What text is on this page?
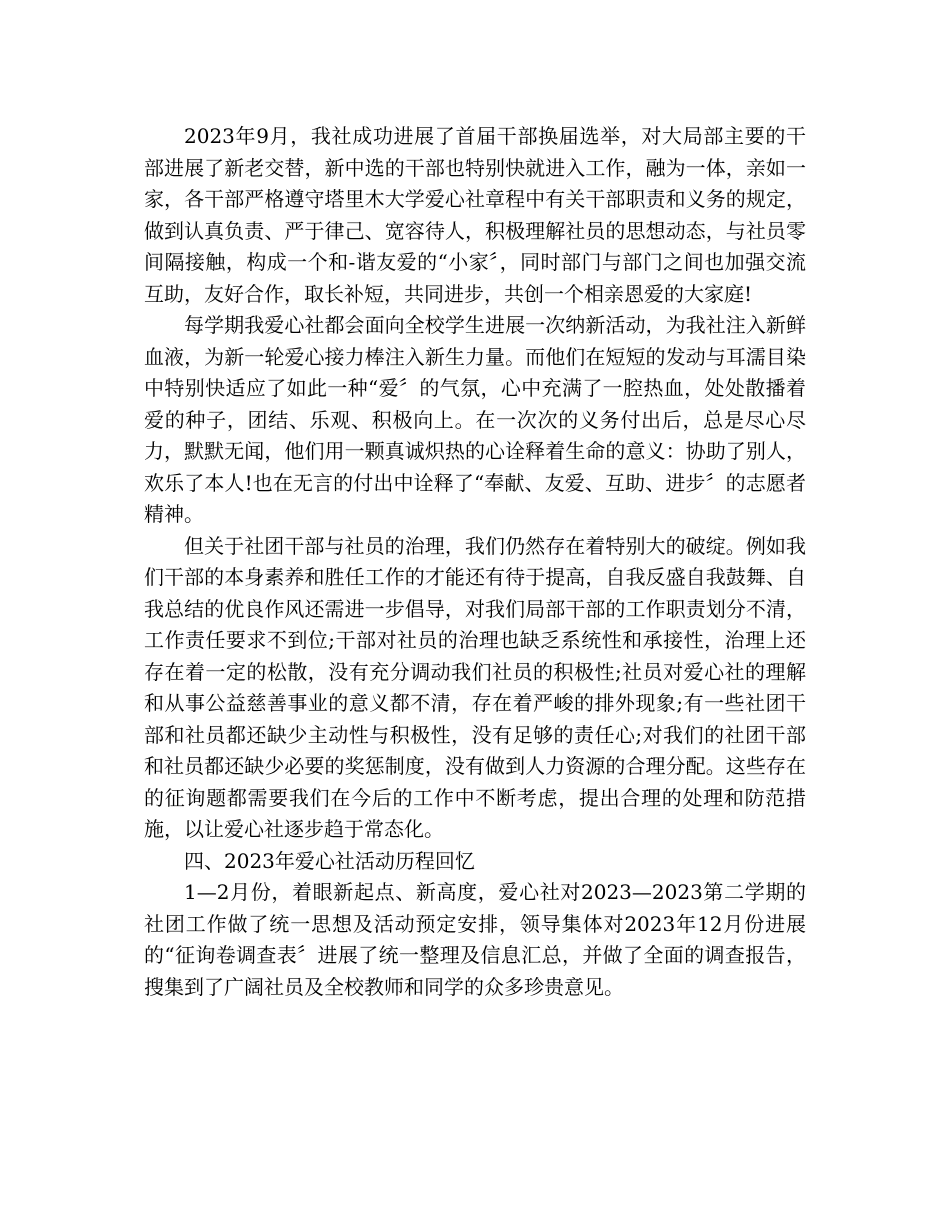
2023年9月，我社成功进展了首届干部换届选举，对大局部主要的干部进展了新老交替，新中选的干部也特别快就进入工作，融为一体，亲如一家，各干部严格遵守塔里木大学爱心社章程中有关干部职责和义务的规定，做到认真负责、严于律己、宽容待人，积极理解社员的思想动态，与社员零间隔接触，构成一个和-谐友爱的“小家〞，同时部门与部门之间也加强交流互助，友好合作，取长补短，共同进步，共创一个相亲恩爱的大家庭!

每学期我爱心社都会面向全校学生进展一次纳新活动，为我社注入新鲜血液，为新一轮爱心接力棒注入新生力量。而他们在短短的发动与耳濡目染中特别快适应了如此一种“爱〞的气氛，心中充满了一腔热血，处处散播着爱的种子，团结、乐观、积极向上。在一次次的义务付出后，总是尽心尽力，默默无闻，他们用一颗真诚炽热的心诠释着生命的意义：协助了别人，欢乐了本人!也在无言的付出中诠释了“奉献、友爱、互助、进步〞的志愿者精神。

但关于社团干部与社员的治理，我们仍然存在着特别大的破绽。例如我们干部的本身素养和胜任工作的才能还有待于提高，自我反盛自我鼓舞、自我总结的优良作风还需进一步倡导，对我们局部干部的工作职责划分不清，工作责任要求不到位;干部对社员的治理也缺乏系统性和承接性，治理上还存在着一定的松散，没有充分调动我们社员的积极性;社员对爱心社的理解和从事公益慈善事业的意义都不清，存在着严峻的排外现象;有一些社团干部和社员都还缺少主动性与积极性，没有足够的责任心;对我们的社团干部和社员都还缺少必要的奖惩制度，没有做到人力资源的合理分配。这些存在的征询题都需要我们在今后的工作中不断考虑，提出合理的处理和防范措施，以让爱心社逐步趋于常态化。

四、2023年爱心社活动历程回忆

1—2月份，着眼新起点、新高度，爱心社对2023—2023第二学期的社团工作做了统一思想及活动预定安排，领导集体对2023年12月份进展的“征询卷调查表〞进展了统一整理及信息汇总，并做了全面的调查报告，搜集到了广阔社员及全校教师和同学的众多珍贵意见。
